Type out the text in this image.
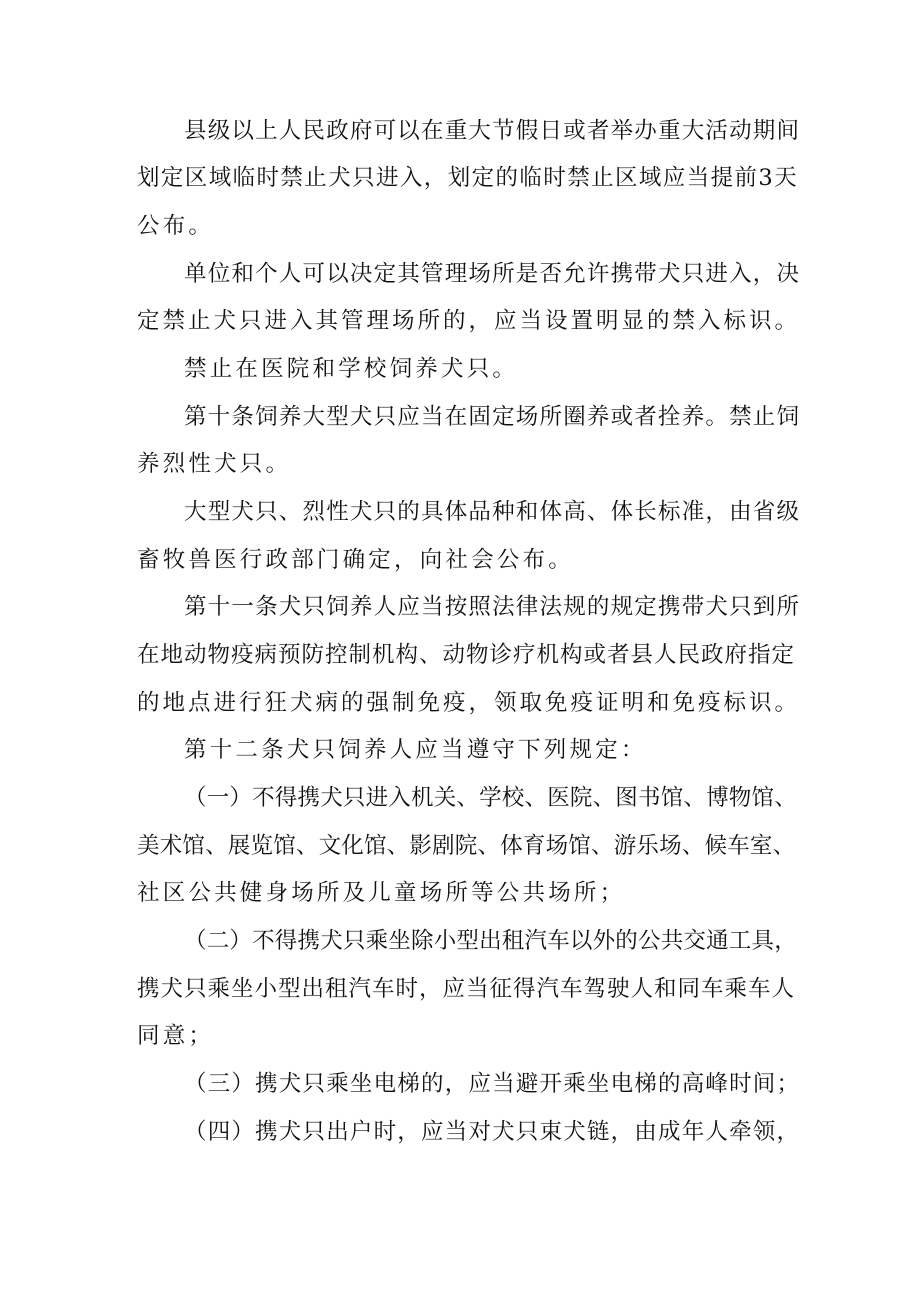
县级以上人民政府可以在重大节假日或者举办重大活动期间
划定区域临时禁止犬只进入，划定的临时禁止区域应当提前3天
公布。
单位和个人可以决定其管理场所是否允许携带犬只进入，决
定禁止犬只进入其管理场所的，应当设置明显的禁入标识。
禁止在医院和学校饲养犬只。
第十条饲养大型犬只应当在固定场所圈养或者拴养。禁止饲
养烈性犬只。
大型犬只、烈性犬只的具体品种和体高、体长标准，由省级
畜牧兽医行政部门确定，向社会公布。
第十一条犬只饲养人应当按照法律法规的规定携带犬只到所
在地动物疫病预防控制机构、动物诊疗机构或者县人民政府指定
的地点进行狂犬病的强制免疫，领取免疫证明和免疫标识。
第十二条犬只饲养人应当遵守下列规定：
（一）不得携犬只进入机关、学校、医院、图书馆、博物馆、
美术馆、展览馆、文化馆、影剧院、体育场馆、游乐场、候车室、
社区公共健身场所及儿童场所等公共场所；
（二）不得携犬只乘坐除小型出租汽车以外的公共交通工具，
携犬只乘坐小型出租汽车时，应当征得汽车驾驶人和同车乘车人
同意；
（三）携犬只乘坐电梯的，应当避开乘坐电梯的高峰时间；
（四）携犬只出户时，应当对犬只束犬链，由成年人牵领，
